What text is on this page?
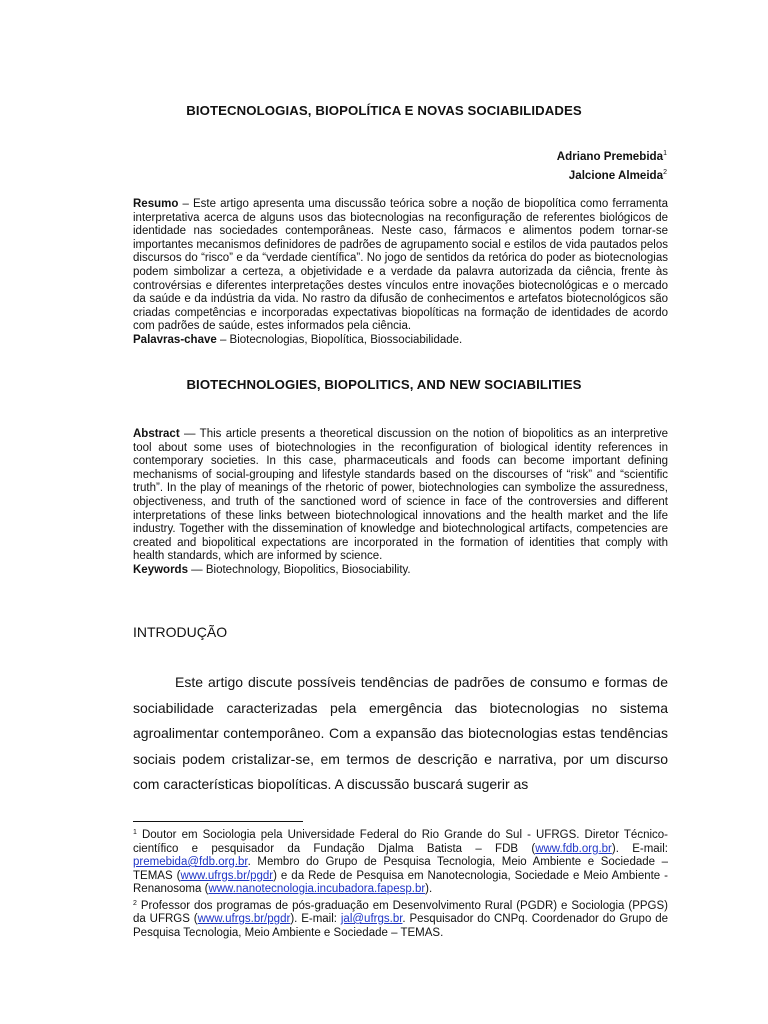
BIOTECNOLOGIAS, BIOPOLÍTICA E NOVAS SOCIABILIDADES
Adriano Premebida$^1$
Jalcione Almeida$^2$
Resumo – Este artigo apresenta uma discussão teórica sobre a noção de biopolítica como ferramenta interpretativa acerca de alguns usos das biotecnologias na reconfiguração de referentes biológicos de identidade nas sociedades contemporâneas. Neste caso, fármacos e alimentos podem tornar-se importantes mecanismos definidores de padrões de agrupamento social e estilos de vida pautados pelos discursos do “risco” e da “verdade científica”. No jogo de sentidos da retórica do poder as biotecnologias podem simbolizar a certeza, a objetividade e a verdade da palavra autorizada da ciência, frente às controvérsias e diferentes interpretações destes vínculos entre inovações biotecnológicas e o mercado da saúde e da indústria da vida. No rastro da difusão de conhecimentos e artefatos biotecnológicos são criadas competências e incorporadas expectativas biopolíticas na formação de identidades de acordo com padrões de saúde, estes informados pela ciência.
Palavras-chave – Biotecnologias, Biopolítica, Biossociabilidade.
BIOTECHNOLOGIES, BIOPOLITICS, AND NEW SOCIABILITIES
Abstract — This article presents a theoretical discussion on the notion of biopolitics as an interpretive tool about some uses of biotechnologies in the reconfiguration of biological identity references in contemporary societies. In this case, pharmaceuticals and foods can become important defining mechanisms of social-grouping and lifestyle standards based on the discourses of “risk” and “scientific truth”. In the play of meanings of the rhetoric of power, biotechnologies can symbolize the assuredness, objectiveness, and truth of the sanctioned word of science in face of the controversies and different interpretations of these links between biotechnological innovations and the health market and the life industry. Together with the dissemination of knowledge and biotechnological artifacts, competencies are created and biopolitical expectations are incorporated in the formation of identities that comply with health standards, which are informed by science.
Keywords — Biotechnology, Biopolitics, Biosociability.
INTRODUÇÃO
Este artigo discute possíveis tendências de padrões de consumo e formas de sociabilidade caracterizadas pela emergência das biotecnologias no sistema agroalimentar contemporâneo. Com a expansão das biotecnologias estas tendências sociais podem cristalizar-se, em termos de descrição e narrativa, por um discurso com características biopolíticas. A discussão buscará sugerir as

$^1$ Doutor em Sociologia pela Universidade Federal do Rio Grande do Sul - UFRGS. Diretor Técnico-científico e pesquisador da Fundação Djalma Batista – FDB (www.fdb.org.br). E-mail: premebida@fdb.org.br. Membro do Grupo de Pesquisa Tecnologia, Meio Ambiente e Sociedade – TEMAS (www.ufrgs.br/pgdr) e da Rede de Pesquisa em Nanotecnologia, Sociedade e Meio Ambiente - Renanosoma (www.nanotecnologia.incubadora.fapesp.br).

$^2$ Professor dos programas de pós-graduação em Desenvolvimento Rural (PGDR) e Sociologia (PPGS) da UFRGS (www.ufrgs.br/pgdr). E-mail: jal@ufrgs.br. Pesquisador do CNPq. Coordenador do Grupo de Pesquisa Tecnologia, Meio Ambiente e Sociedade – TEMAS.
